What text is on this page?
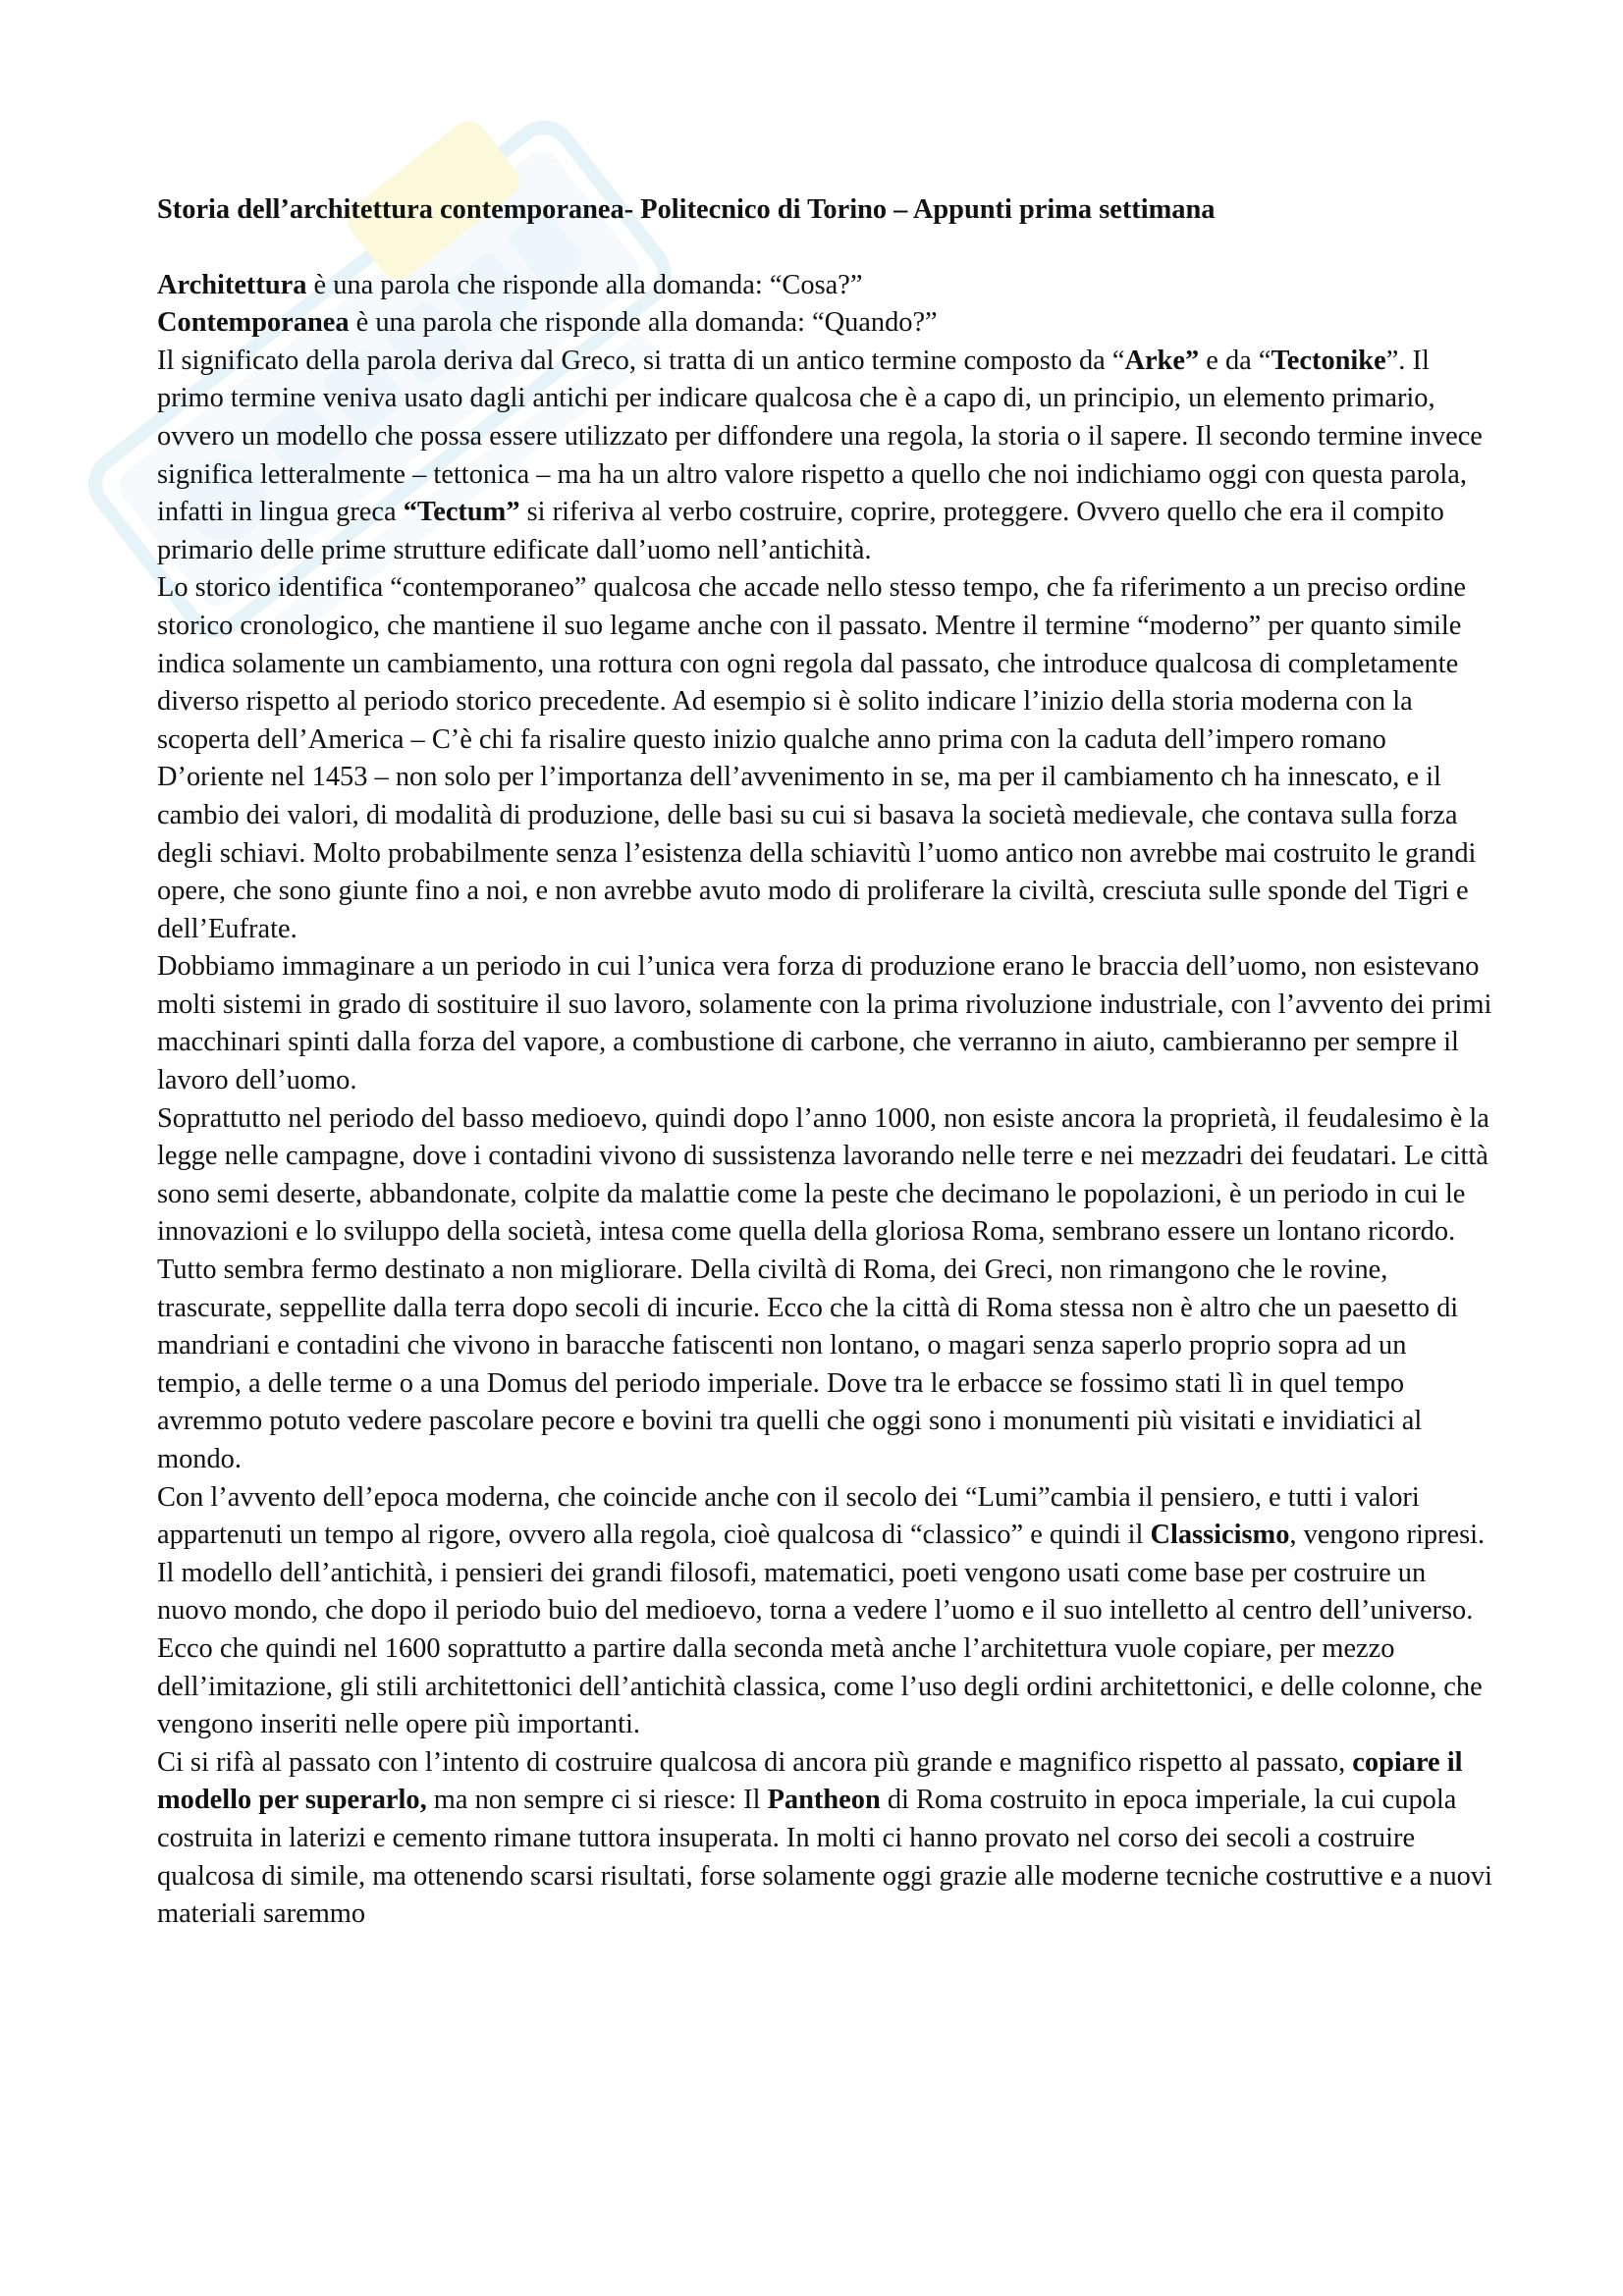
Storia dell’architettura contemporanea- Politecnico di Torino – Appunti prima settimana

Architettura è una parola che risponde alla domanda: “Cosa?”

Contemporanea è una parola che risponde alla domanda: “Quando?”

Il significato della parola deriva dal Greco, si tratta di un antico termine composto da “Arke” e da “Tectonike”. Il primo termine veniva usato dagli antichi per indicare qualcosa che è a capo di, un principio, un elemento primario, ovvero un modello che possa essere utilizzato per diffondere una regola, la storia o il sapere. Il secondo termine invece significa letteralmente – tettonica – ma ha un altro valore rispetto a quello che noi indichiamo oggi con questa parola, infatti in lingua greca “Tectum” si riferiva al verbo costruire, coprire, proteggere. Ovvero quello che era il compito primario delle prime strutture edificate dall’uomo nell’antichità.

Lo storico identifica “contemporaneo” qualcosa che accade nello stesso tempo, che fa riferimento a un preciso ordine storico cronologico, che mantiene il suo legame anche con il passato. Mentre il termine “moderno” per quanto simile indica solamente un cambiamento, una rottura con ogni regola dal passato, che introduce qualcosa di completamente diverso rispetto al periodo storico precedente. Ad esempio si è solito indicare l’inizio della storia moderna con la scoperta dell’America – C’è chi fa risalire questo inizio qualche anno prima con la caduta dell’impero romano D’oriente nel 1453 – non solo per l’importanza dell’avvenimento in se, ma per il cambiamento ch ha innescato, e il cambio dei valori, di modalità di produzione, delle basi su cui si basava la società medievale, che contava sulla forza degli schiavi. Molto probabilmente senza l’esistenza della schiavitù l’uomo antico non avrebbe mai costruito le grandi opere, che sono giunte fino a noi, e non avrebbe avuto modo di proliferare la civiltà, cresciuta sulle sponde del Tigri e dell’Eufrate.

Dobbiamo immaginare a un periodo in cui l’unica vera forza di produzione erano le braccia dell’uomo, non esistevano molti sistemi in grado di sostituire il suo lavoro, solamente con la prima rivoluzione industriale, con l’avvento dei primi macchinari spinti dalla forza del vapore, a combustione di carbone, che verranno in aiuto, cambieranno per sempre il lavoro dell’uomo.

Soprattutto nel periodo del basso medioevo, quindi dopo l’anno 1000, non esiste ancora la proprietà, il feudalesimo è la legge nelle campagne, dove i contadini vivono di sussistenza lavorando nelle terre e nei mezzadri dei feudatari. Le città sono semi deserte, abbandonate, colpite da malattie come la peste che decimano le popolazioni, è un periodo in cui le innovazioni e lo sviluppo della società, intesa come quella della gloriosa Roma, sembrano essere un lontano ricordo.

Tutto sembra fermo destinato a non migliorare. Della civiltà di Roma, dei Greci, non rimangono che le rovine, trascurate, seppellite dalla terra dopo secoli di incurie. Ecco che la città di Roma stessa non è altro che un paesetto di mandriani e contadini che vivono in baracche fatiscenti non lontano, o magari senza saperlo proprio sopra ad un tempio, a delle terme o a una Domus del periodo imperiale. Dove tra le erbacce se fossimo stati lì in quel tempo avremmo potuto vedere pascolare pecore e bovini tra quelli che oggi sono i monumenti più visitati e invidiatici al mondo.

Con l’avvento dell’epoca moderna, che coincide anche con il secolo dei “Lumi”cambia il pensiero, e tutti i valori appartenuti un tempo al rigore, ovvero alla regola, cioè qualcosa di “classico” e quindi il Classicismo, vengono ripresi. Il modello dell’antichità, i pensieri dei grandi filosofi, matematici, poeti vengono usati come base per costruire un nuovo mondo, che dopo il periodo buio del medioevo, torna a vedere l’uomo e il suo intelletto al centro dell’universo.

Ecco che quindi nel 1600 soprattutto a partire dalla seconda metà anche l’architettura vuole copiare, per mezzo dell’imitazione, gli stili architettonici dell’antichità classica, come l’uso degli ordini architettonici, e delle colonne, che vengono inseriti nelle opere più importanti.

Ci si rifà al passato con l’intento di costruire qualcosa di ancora più grande e magnifico rispetto al passato, copiare il modello per superarlo, ma non sempre ci si riesce: Il Pantheon di Roma costruito in epoca imperiale, la cui cupola costruita in laterizi e cemento rimane tuttora insuperata. In molti ci hanno provato nel corso dei secoli a costruire qualcosa di simile, ma ottenendo scarsi risultati, forse solamente oggi grazie alle moderne tecniche costruttive e a nuovi materiali saremmo
